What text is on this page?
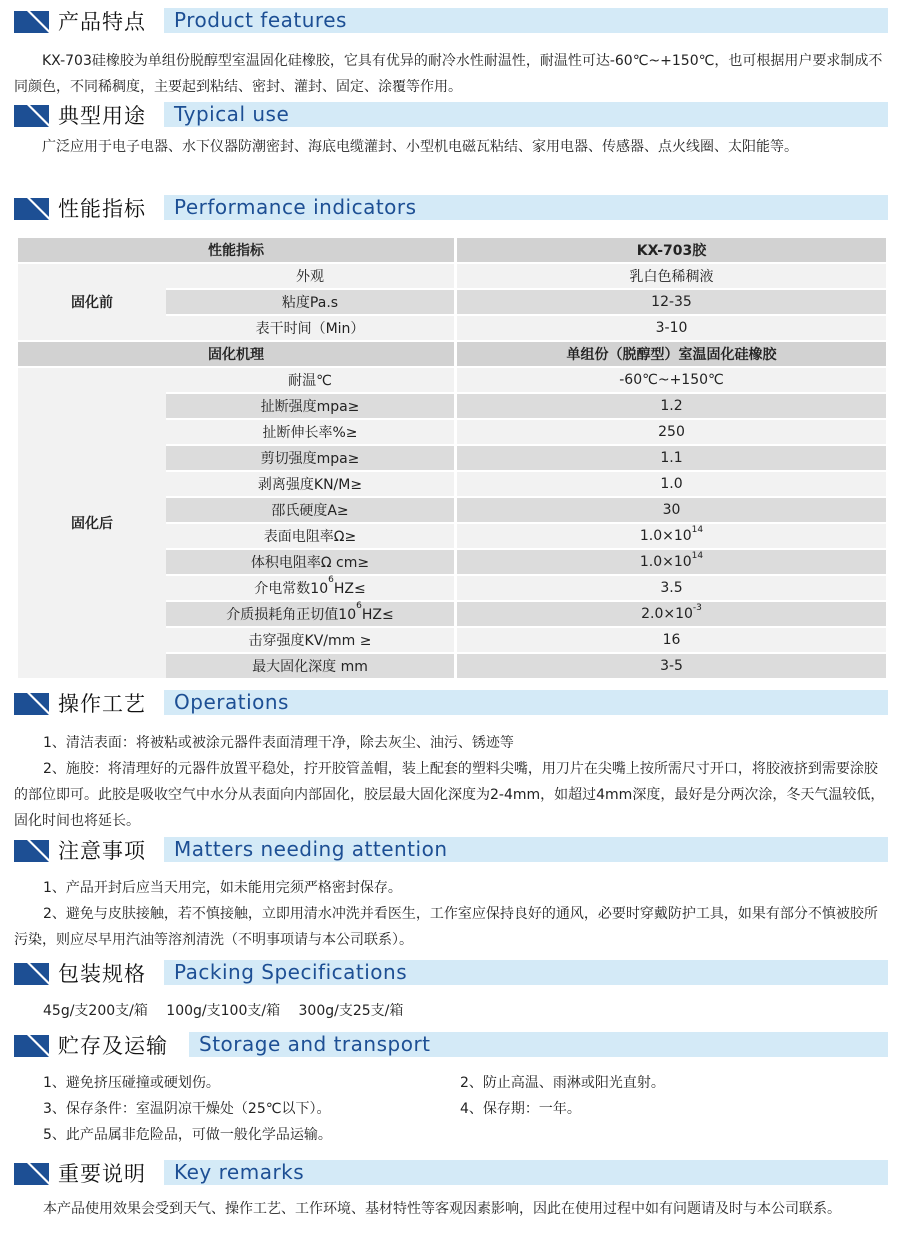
产品特点 Product features

KX-703硅橡胶为单组份脱醇型室温固化硅橡胶，它具有优异的耐冷水性耐温性，耐温性可达-60℃~+150℃，也可根据用户要求制成不同颜色，不同稀稠度，主要起到粘结、密封、灌封、固定、涂覆等作用。

典型用途 Typical use

广泛应用于电子电器、水下仪器防潮密封、海底电缆灌封、小型机电磁瓦粘结、家用电器、传感器、点火线圈、太阳能等。

性能指标 Performance indicators
性能指标			KX-703胶
固化前	外观		乳白色稀稠液
	粘度Pa.s		12-35
	表干时间（Min）		3-10
固化机理			单组份（脱醇型）室温固化硅橡胶
固化后	耐温℃		-60℃~+150℃
	扯断强度mpa≥		1.2
	扯断伸长率%≥		250
	剪切强度mpa≥		1.1
	剥离强度KN/M≥		1.0
	邵氏硬度A≥		30
	表面电阻率Ω≥		$1.0\times 10^{14}$
	体积电阻率Ω cm≥		$1.0\times 10^{14}$
	介电常数$10^6HZ\le$		3.5
	介质损耗角正切值$10^6HZ\le$		$2.0\times 10^{-3}$
	击穿强度KV/mm ≥		16
	最大固化深度 mm		3-5
操作工艺 Operations

1、清洁表面：将被粘或被涂元器件表面清理干净，除去灰尘、油污、锈迹等

2、施胶：将清理好的元器件放置平稳处，拧开胶管盖帽，装上配套的塑料尖嘴，用刀片在尖嘴上按所需尺寸开口，将胶液挤到需要涂胶的部位即可。此胶是吸收空气中水分从表面向内部固化，胶层最大固化深度为2-4mm，如超过4mm深度，最好是分两次涂，冬天气温较低，固化时间也将延长。

注意事项 Matters needing attention

1、产品开封后应当天用完，如未能用完须严格密封保存。

2、避免与皮肤接触，若不慎接触，立即用清水冲洗并看医生，工作室应保持良好的通风，必要时穿戴防护工具，如果有部分不慎被胶所污染，则应尽早用汽油等溶剂清洗（不明事项请与本公司联系）。

包装规格 Packing Specifications

45g/支200支/箱　 100g/支100支/箱　 300g/支25支/箱

贮存及运输 Storage and transport
1、避免挤压碰撞或硬划伤。	2、防止高温、雨淋或阳光直射。
3、保存条件：室温阴凉干燥处（25℃以下）。	4、保存期：一年。
5、此产品属非危险品，可做一般化学品运输。
重要说明 Key remarks

本产品使用效果会受到天气、操作工艺、工作环境、基材特性等客观因素影响，因此在使用过程中如有问题请及时与本公司联系。
